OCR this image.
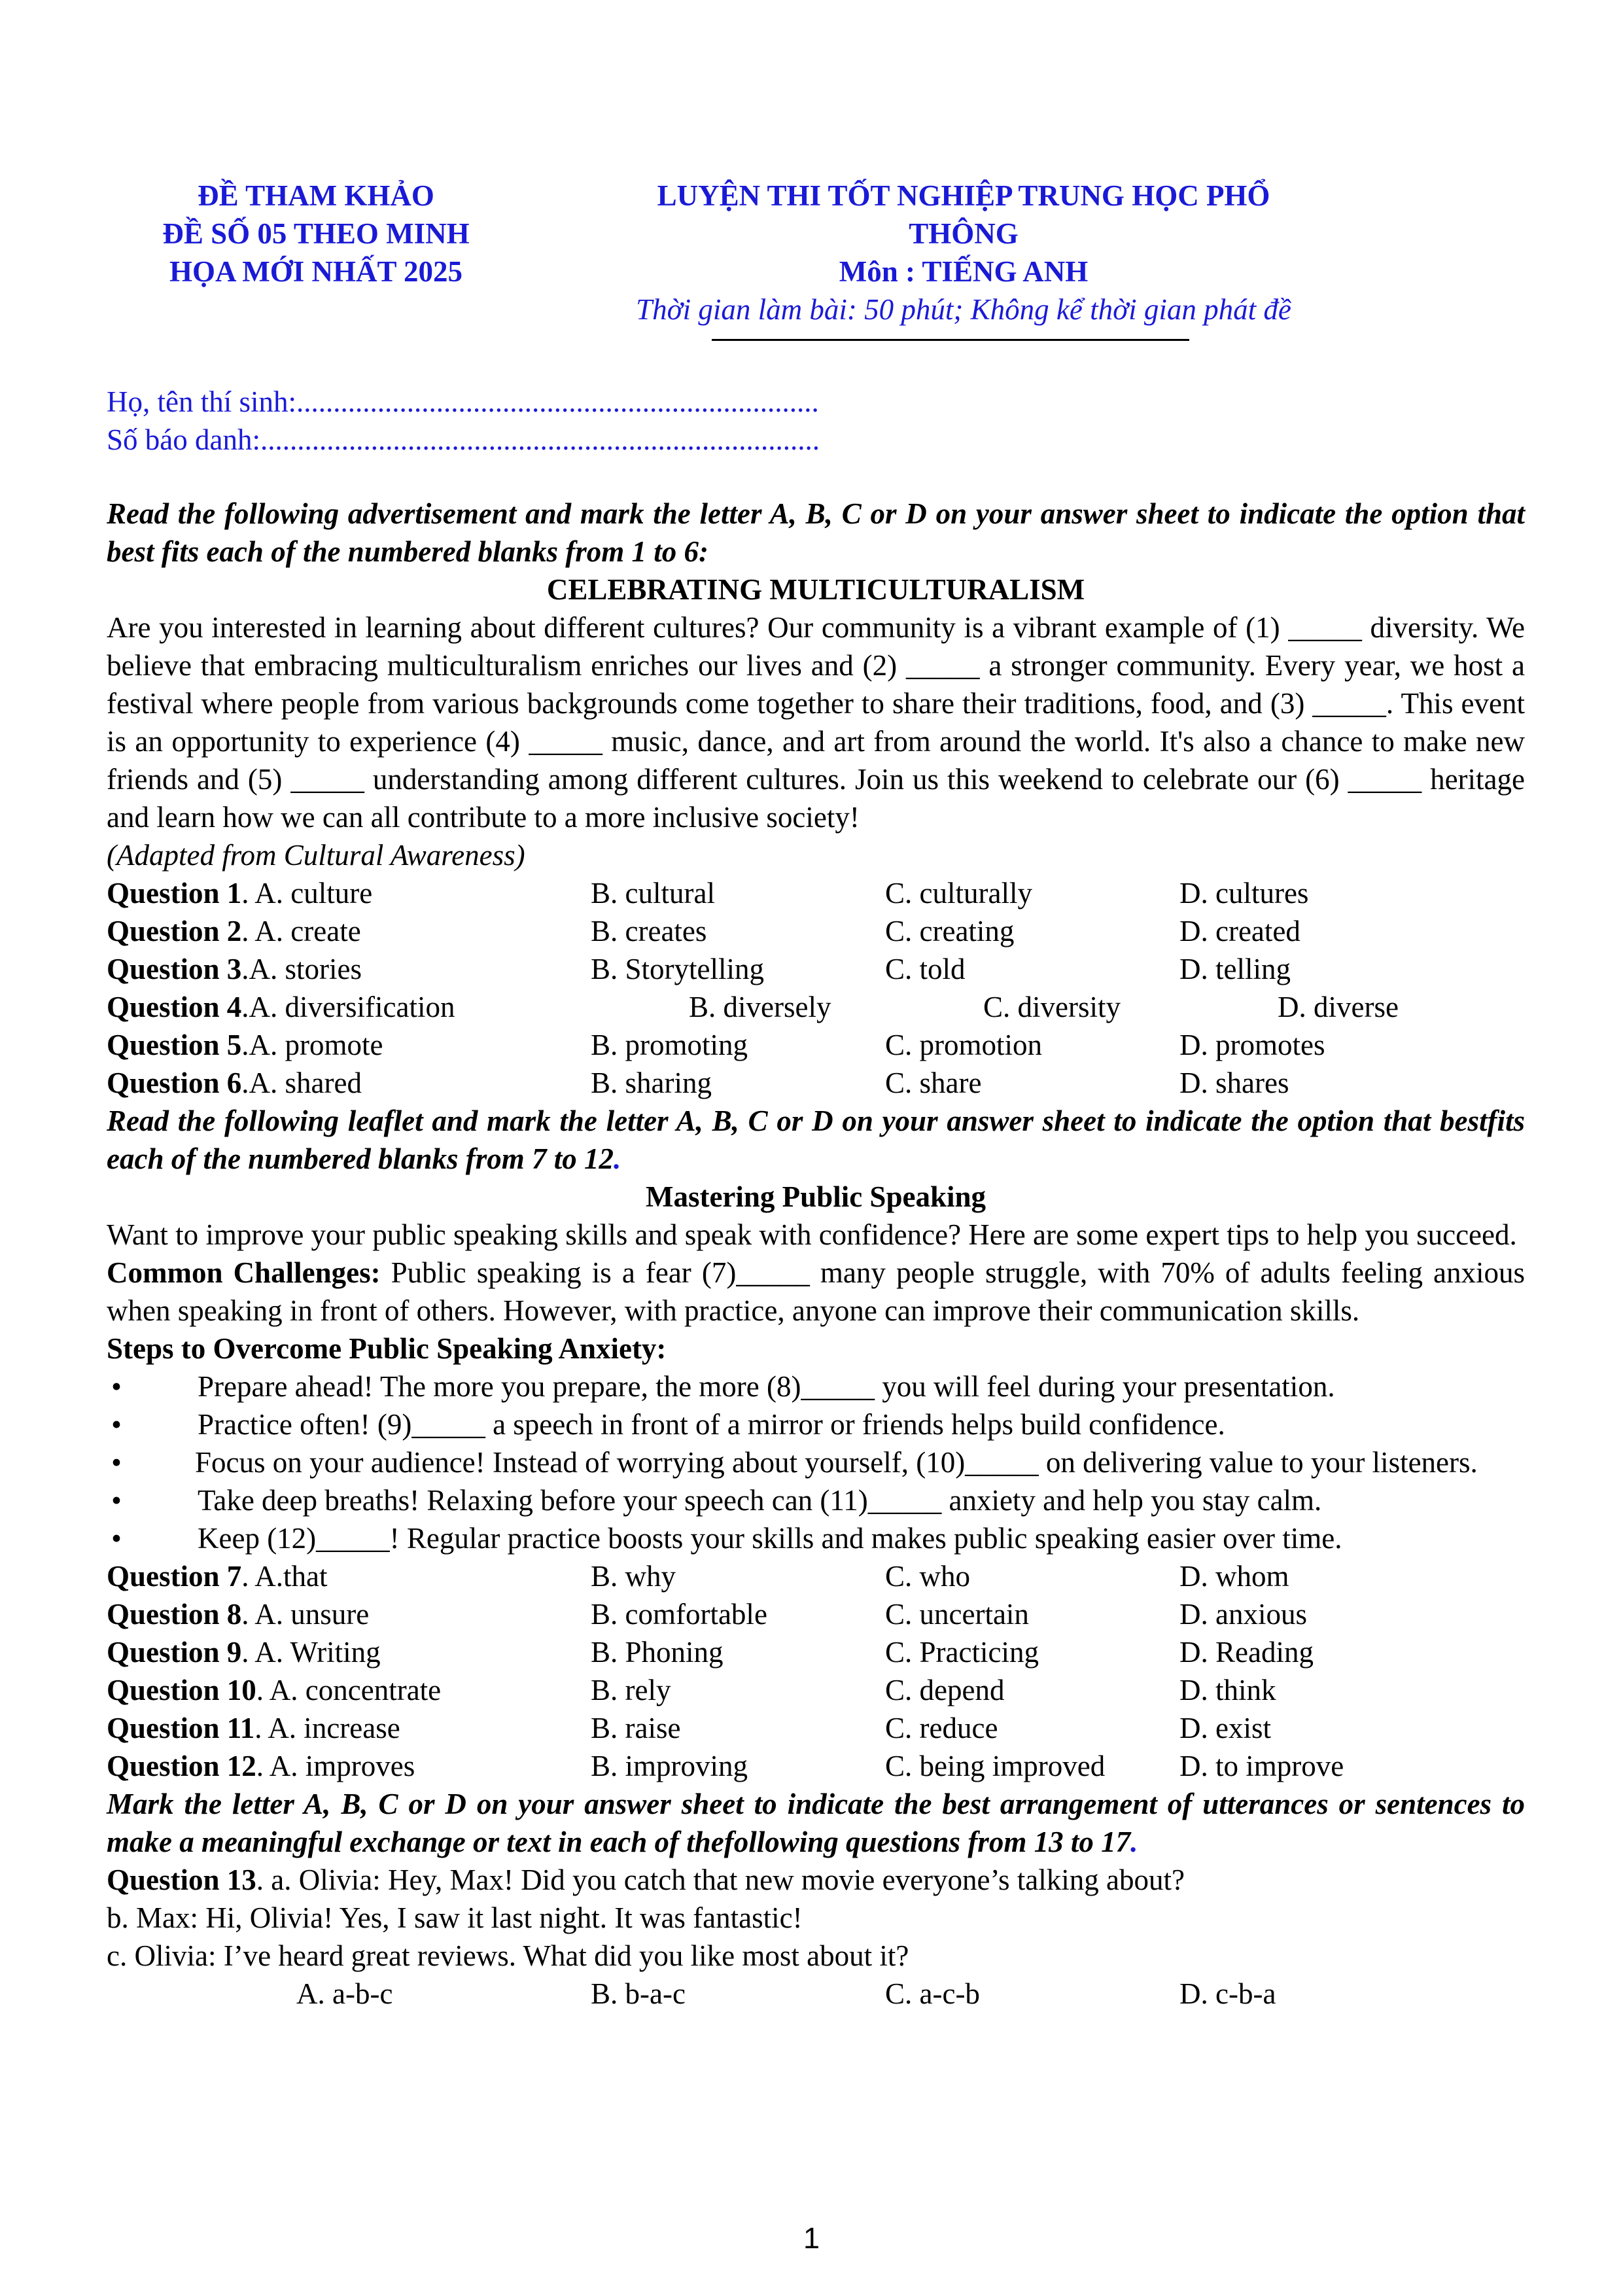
ĐỀ THAM KHẢO
ĐỀ SỐ 05 THEO MINH
HỌA MỚI NHẤT 2025
LUYỆN THI TỐT NGHIỆP TRUNG HỌC PHỔ
THÔNG
Môn : TIẾNG ANH
Thời gian làm bài: 50 phút; Không kể thời gian phát đề
Họ, tên thí sinh:.......................................................................
Số báo danh:............................................................................
Read the following advertisement and mark the letter A, B, C or D on your answer sheet to indicate the option that best fits each of the numbered blanks from 1 to 6:
CELEBRATING MULTICULTURALISM
Are you interested in learning about different cultures? Our community is a vibrant example of (1) _____ diversity. We believe that embracing multiculturalism enriches our lives and (2) _____ a stronger community. Every year, we host a festival where people from various backgrounds come together to share their traditions, food, and (3) _____. This event is an opportunity to experience (4) _____ music, dance, and art from around the world. It's also a chance to make new friends and (5) _____ understanding among different cultures. Join us this weekend to celebrate our (6) _____ heritage and learn how we can all contribute to a more inclusive society!
(Adapted from Cultural Awareness)
Question 1. A. culture	B. cultural	C. culturally	D. cultures
Question 2. A. create	B. creates	C. creating	D. created
Question 3.A. stories	B. Storytelling	C. told	D. telling
Question 4.A. diversification	B. diversely	C. diversity	D. diverse
Question 5.A. promote	B. promoting	C. promotion	D. promotes
Question 6.A. shared	B. sharing	C. share	D. shares
Read the following leaflet and mark the letter A, B, C or D on your answer sheet to indicate the option that bestfits each of the numbered blanks from 7 to 12.
Mastering Public Speaking
Want to improve your public speaking skills and speak with confidence? Here are some expert tips to help you succeed.
Common Challenges: Public speaking is a fear (7)_____ many people struggle, with 70% of adults feeling anxious when speaking in front of others. However, with practice, anyone can improve their communication skills.
Steps to Overcome Public Speaking Anxiety:
•	Prepare ahead! The more you prepare, the more (8)_____ you will feel during your presentation.
•	Practice often! (9)_____ a speech in front of a mirror or friends helps build confidence.
• Focus on your audience! Instead of worrying about yourself, (10)_____ on delivering value to your listeners.
•	Take deep breaths! Relaxing before your speech can (11)_____ anxiety and help you stay calm.
•	Keep (12)_____! Regular practice boosts your skills and makes public speaking easier over time.
Question 7. A.that	B. why	C. who	D. whom
Question 8. A. unsure	B. comfortable	C. uncertain	D. anxious
Question 9. A. Writing	B. Phoning	C. Practicing	D. Reading
Question 10. A. concentrate	B. rely	C. depend	D. think
Question 11. A. increase	B. raise	C. reduce	D. exist
Question 12. A. improves	B. improving	C. being improved	D. to improve
Mark the letter A, B, C or D on your answer sheet to indicate the best arrangement of utterances or sentences to make a meaningful exchange or text in each of thefollowing questions from 13 to 17.
Question 13. a. Olivia: Hey, Max! Did you catch that new movie everyone’s talking about?
b. Max: Hi, Olivia! Yes, I saw it last night. It was fantastic!
c. Olivia: I’ve heard great reviews. What did you like most about it?
A. a-b-c	B. b-a-c	C. a-c-b	D. c-b-a
1
